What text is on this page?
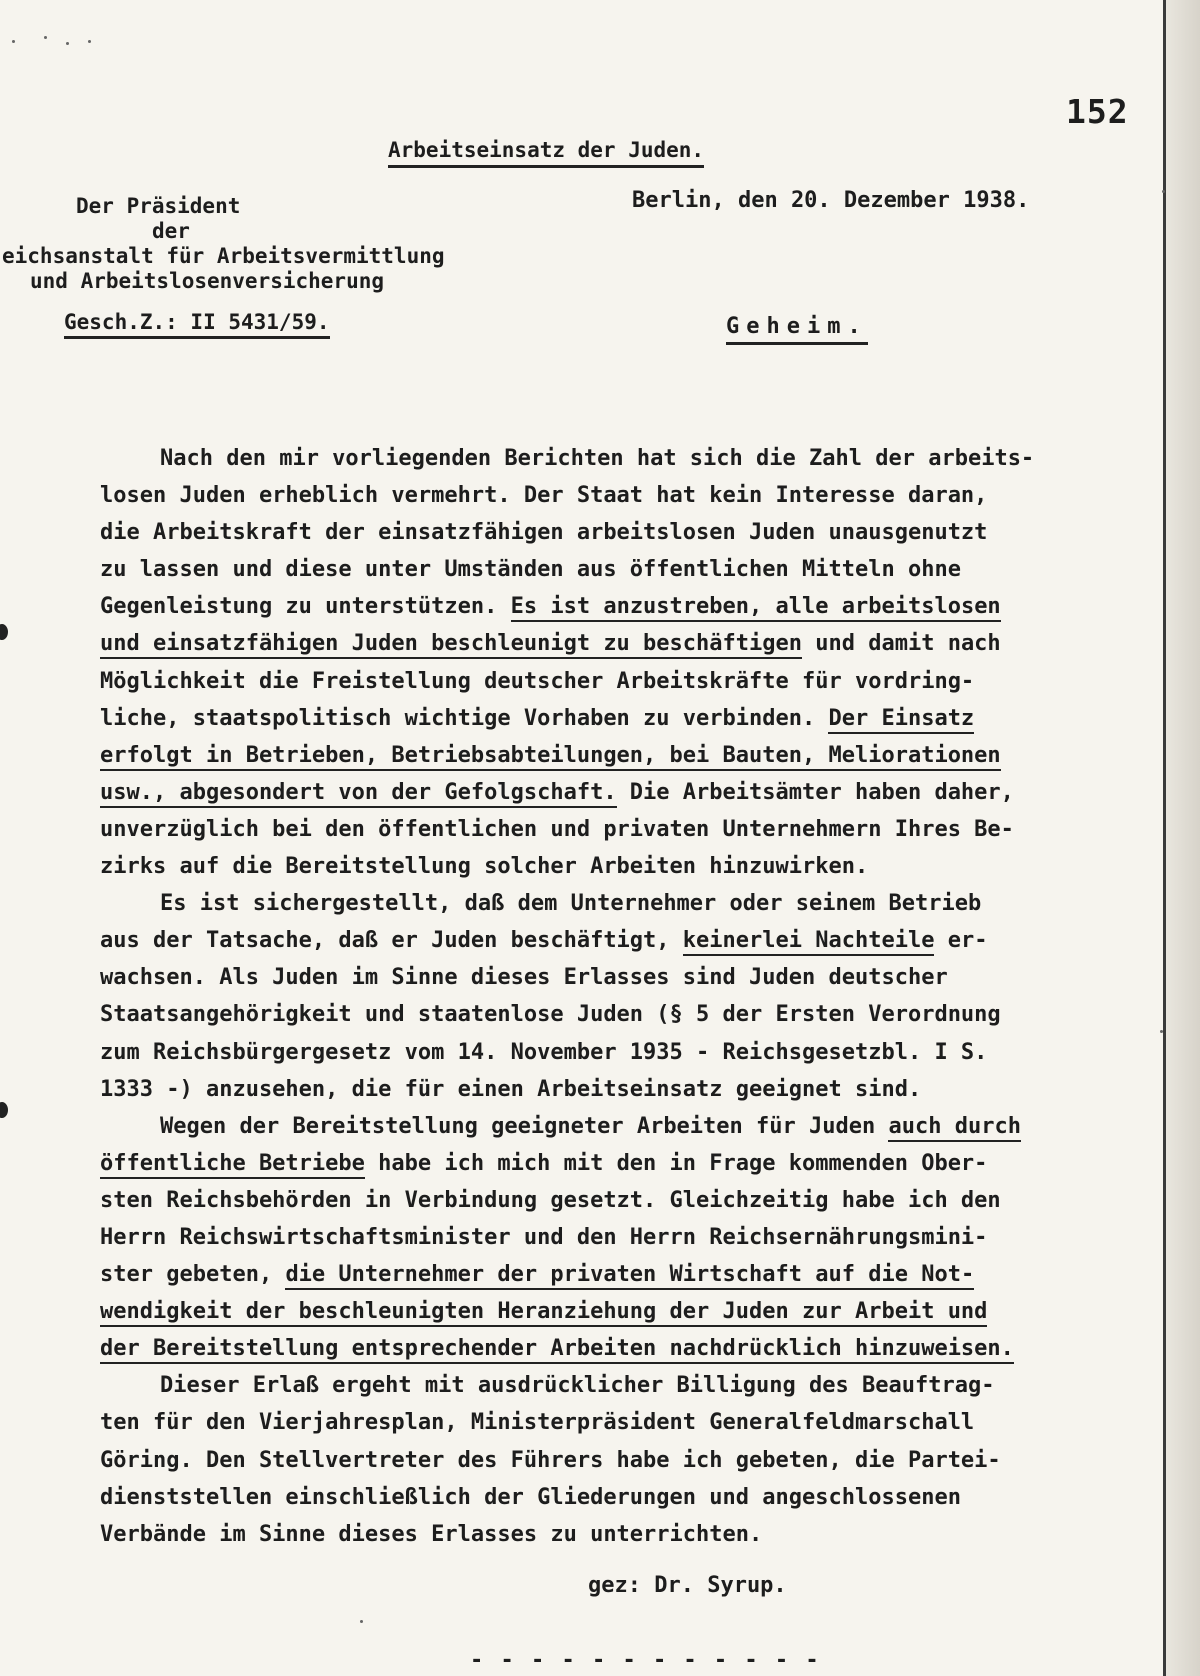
152
Arbeitseinsatz der Juden.
Der Präsident
der
eichsanstalt für Arbeitsvermittlung
und Arbeitslosenversicherung
Berlin, den 20. Dezember 1938.
Gesch.Z.: II 5431/59.	Geheim.
Nach den mir vorliegenden Berichten hat sich die Zahl der arbeits-
losen Juden erheblich vermehrt. Der Staat hat kein Interesse daran,
die Arbeitskraft der einsatzfähigen arbeitslosen Juden unausgenutzt
zu lassen und diese unter Umständen aus öffentlichen Mitteln ohne
Gegenleistung zu unterstützen. Es ist anzustreben, alle arbeitslosen
und einsatzfähigen Juden beschleunigt zu beschäftigen und damit nach
Möglichkeit die Freistellung deutscher Arbeitskräfte für vordring-
liche, staatspolitisch wichtige Vorhaben zu verbinden. Der Einsatz
erfolgt in Betrieben, Betriebsabteilungen, bei Bauten, Meliorationen
usw., abgesondert von der Gefolgschaft. Die Arbeitsämter haben daher,
unverzüglich bei den öffentlichen und privaten Unternehmern Ihres Be-
zirks auf die Bereitstellung solcher Arbeiten hinzuwirken.
Es ist sichergestellt, daß dem Unternehmer oder seinem Betrieb
aus der Tatsache, daß er Juden beschäftigt, keinerlei Nachteile er-
wachsen. Als Juden im Sinne dieses Erlasses sind Juden deutscher
Staatsangehörigkeit und staatenlose Juden (§ 5 der Ersten Verordnung
zum Reichsbürgergesetz vom 14. November 1935 - Reichsgesetzbl. I S.
1333 -) anzusehen, die für einen Arbeitseinsatz geeignet sind.
Wegen der Bereitstellung geeigneter Arbeiten für Juden auch durch
öffentliche Betriebe habe ich mich mit den in Frage kommenden Ober-
sten Reichsbehörden in Verbindung gesetzt. Gleichzeitig habe ich den
Herrn Reichswirtschaftsminister und den Herrn Reichsernährungsmini-
ster gebeten, die Unternehmer der privaten Wirtschaft auf die Not-
wendigkeit der beschleunigten Heranziehung der Juden zur Arbeit und
der Bereitstellung entsprechender Arbeiten nachdrücklich hinzuweisen.
Dieser Erlaß ergeht mit ausdrücklicher Billigung des Beauftrag-
ten für den Vierjahresplan, Ministerpräsident Generalfeldmarschall
Göring. Den Stellvertreter des Führers habe ich gebeten, die Partei-
dienststellen einschließlich der Gliederungen und angeschlossenen
Verbände im Sinne dieses Erlasses zu unterrichten.
gez: Dr. Syrup.
- - - - - - - - - - - -
